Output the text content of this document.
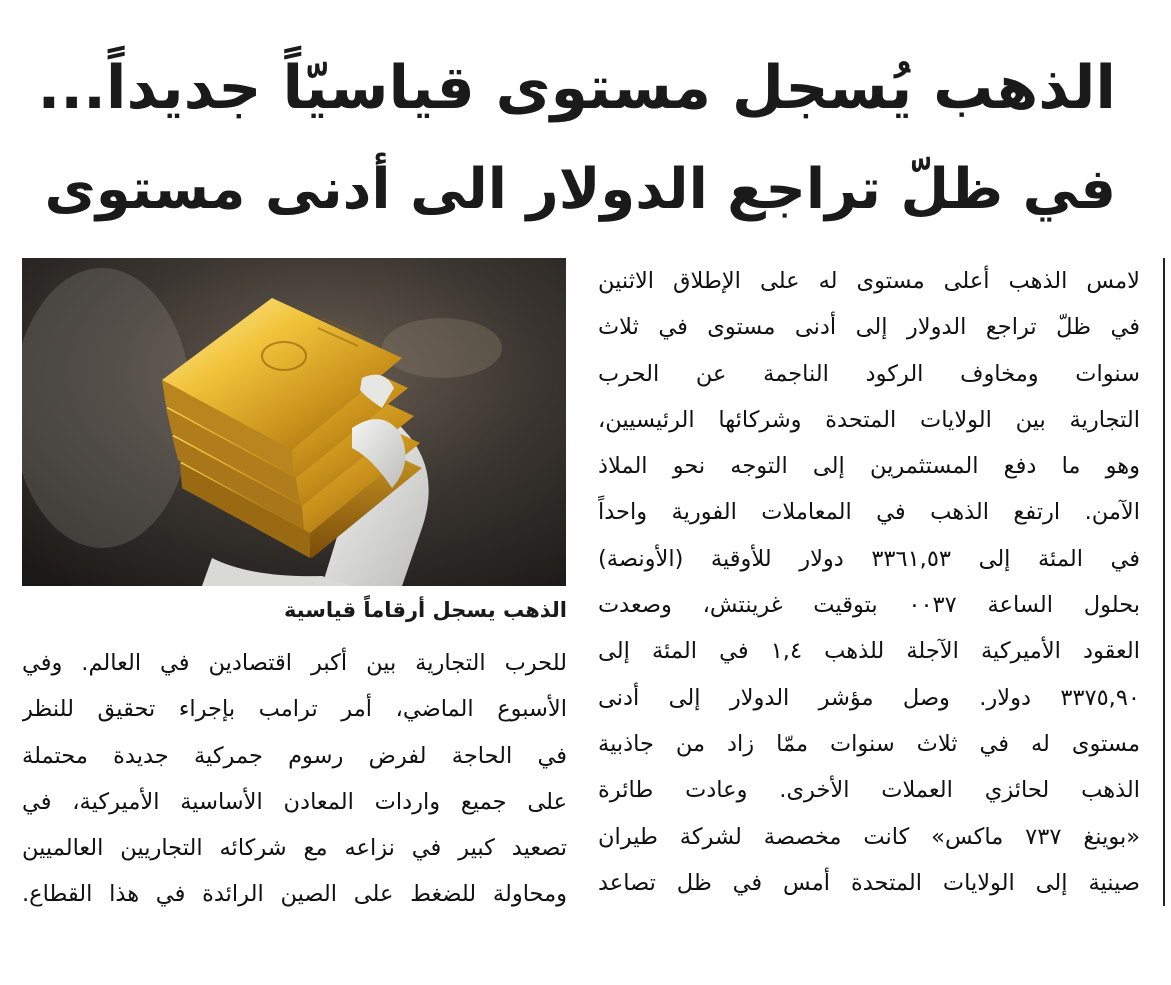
الذهب يُسجل مستوى قياسيّاً جديداً...
في ظلّ تراجع الدولار الى أدنى مستوى
الذهب يسجل أرقاماً قياسية
لامس الذهب أعلى مستوى له على الإطلاق الاثنين
في ظلّ تراجع الدولار إلى أدنى مستوى في ثلاث
سنوات ومخاوف الركود الناجمة عن الحرب
التجارية بين الولايات المتحدة وشركائها الرئيسيين،
وهو ما دفع المستثمرين إلى التوجه نحو الملاذ
الآمن. ارتفع الذهب في المعاملات الفورية واحداً
في المئة إلى ٣٣٦١,٥٣ دولار للأوقية (الأونصة)
بحلول الساعة ٠٠٣٧ بتوقيت غرينتش، وصعدت
العقود الأميركية الآجلة للذهب ١,٤ في المئة إلى
٣٣٧٥,٩٠ دولار. وصل مؤشر الدولار إلى أدنى
مستوى له في ثلاث سنوات ممّا زاد من جاذبية
الذهب لحائزي العملات الأخرى. وعادت طائرة
«بوينغ ٧٣٧ ماكس» كانت مخصصة لشركة طيران
صينية إلى الولايات المتحدة أمس في ظل تصاعد
للحرب التجارية بين أكبر اقتصادين في العالم. وفي
الأسبوع الماضي، أمر ترامب بإجراء تحقيق للنظر
في الحاجة لفرض رسوم جمركية جديدة محتملة
على جميع واردات المعادن الأساسية الأميركية، في
تصعيد كبير في نزاعه مع شركائه التجاريين العالميين
ومحاولة للضغط على الصين الرائدة في هذا القطاع.
